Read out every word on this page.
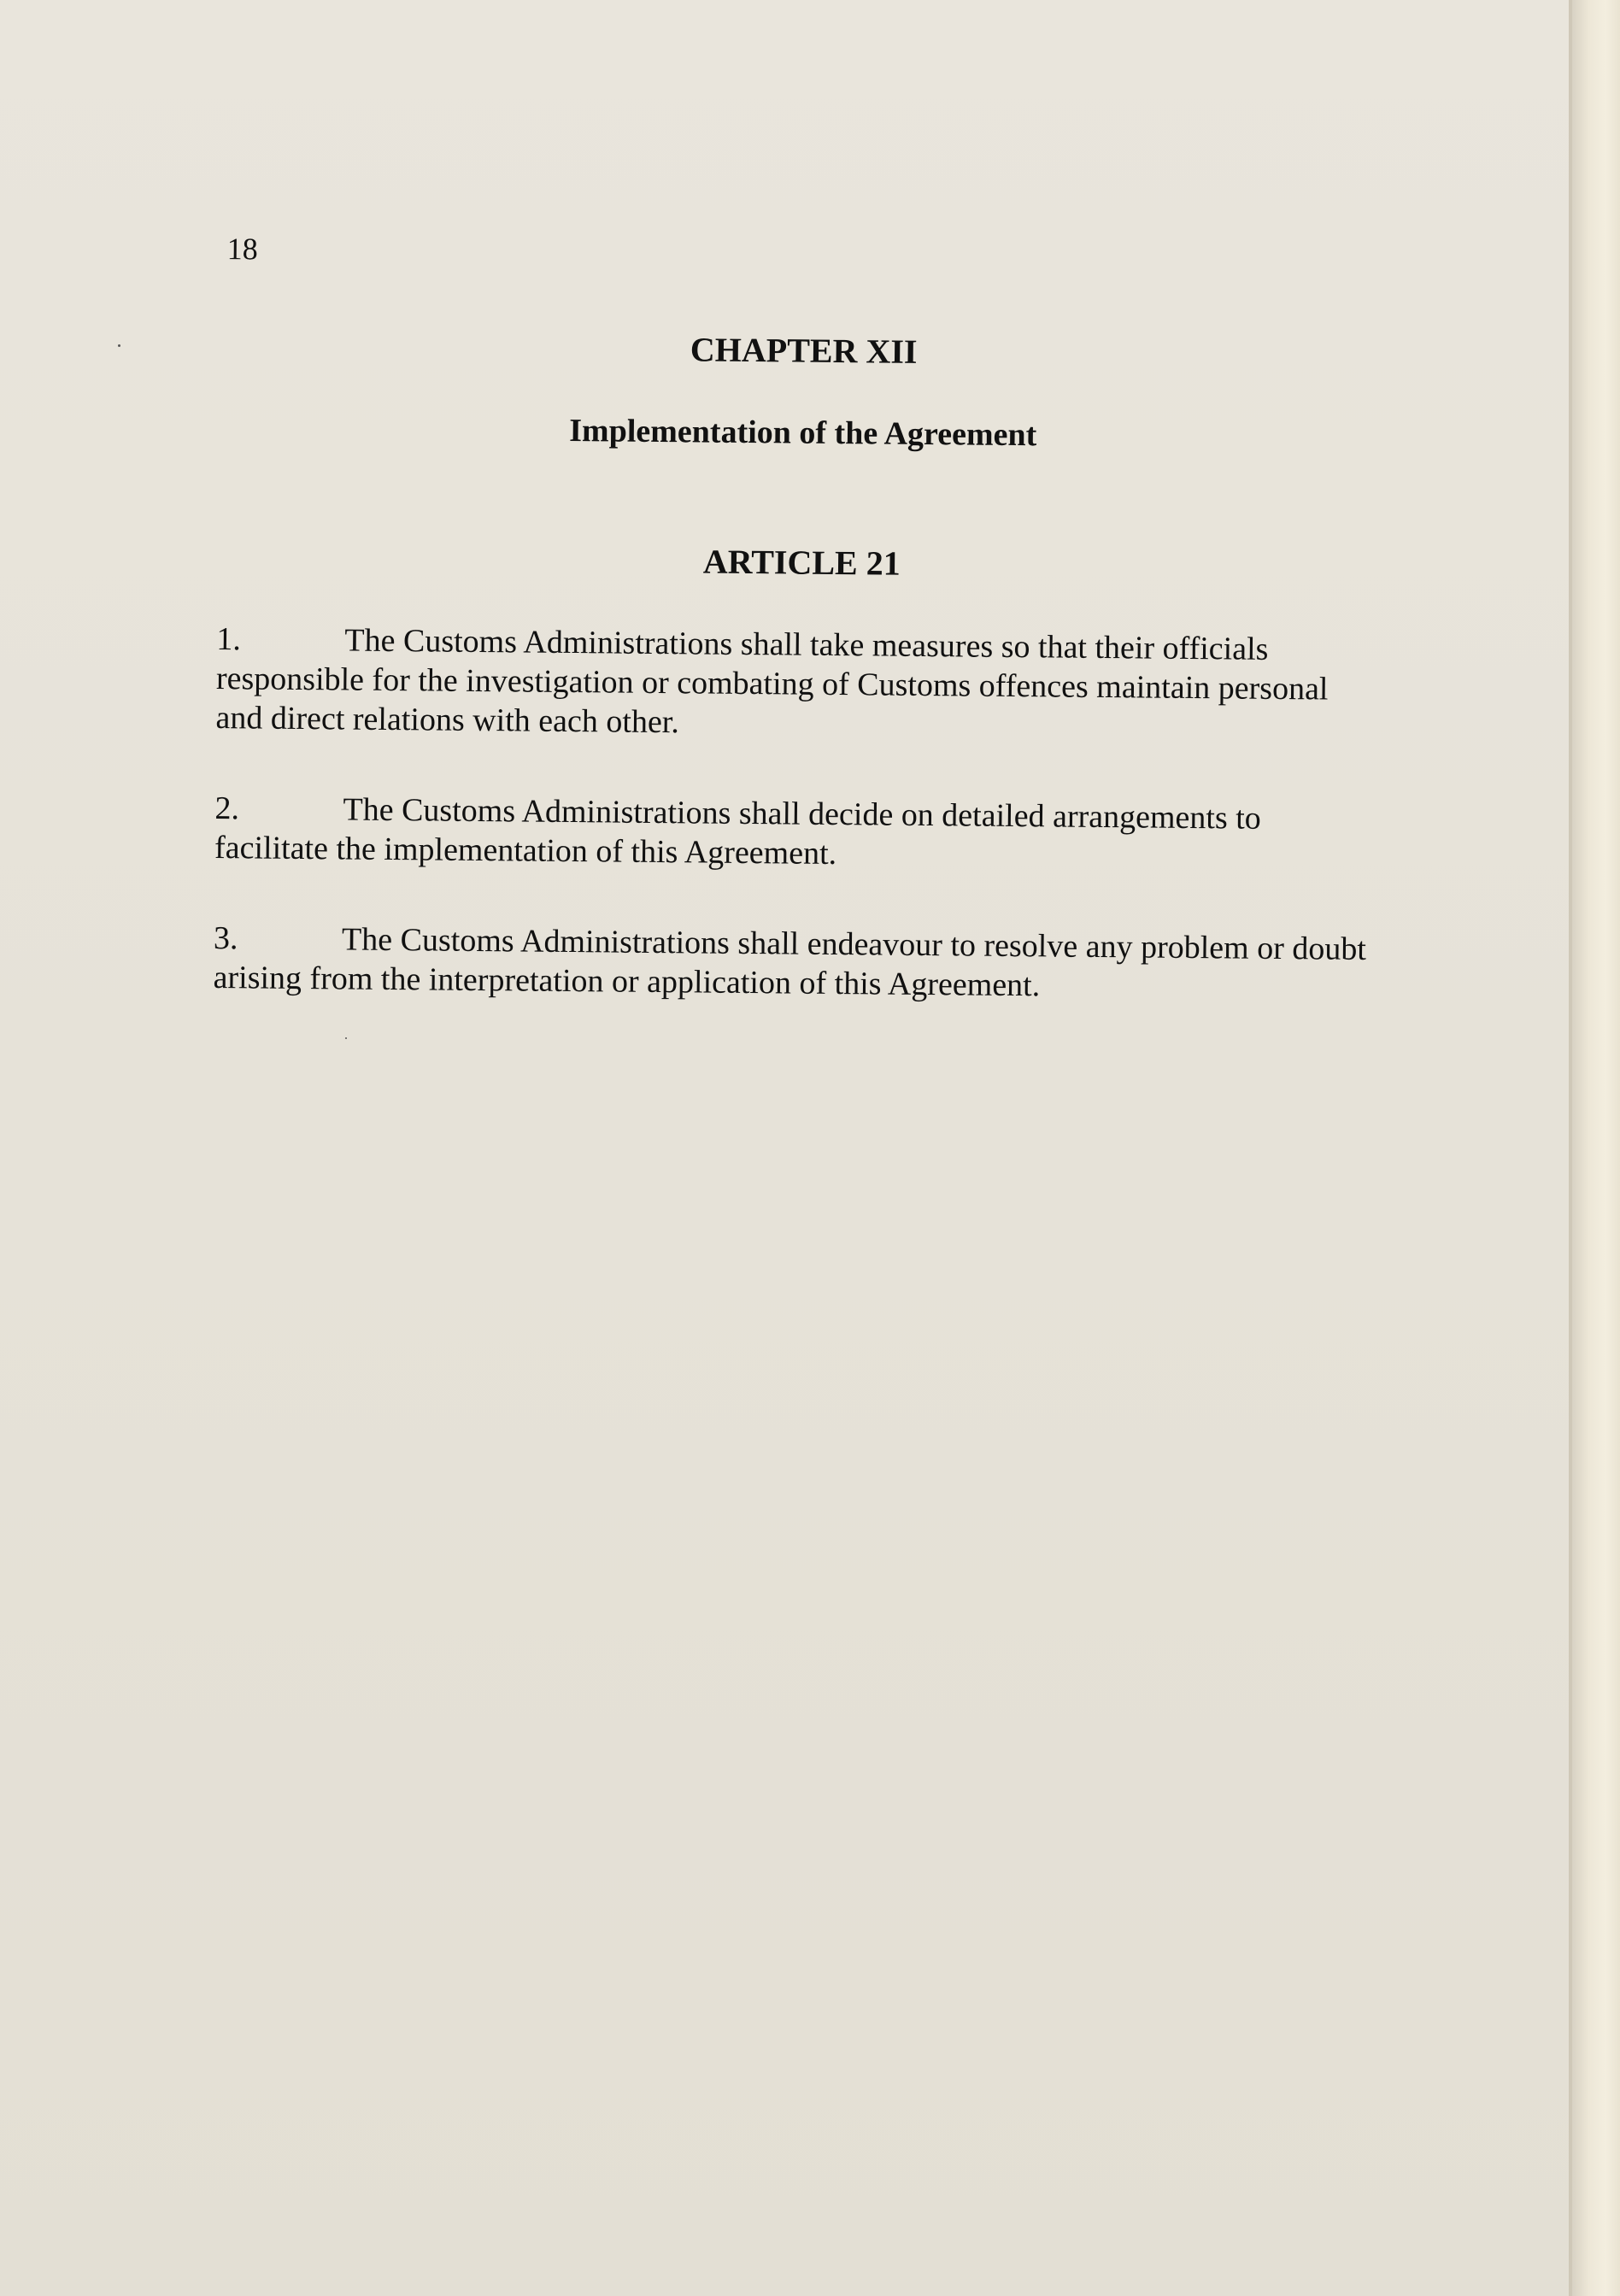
18
CHAPTER XII
Implementation of the Agreement
ARTICLE 21
1.	The Customs Administrations shall take measures so that their officials responsible for the investigation or combating of Customs offences maintain personal and direct relations with each other.
2.	The Customs Administrations shall decide on detailed arrangements to facilitate the implementation of this Agreement.
3.	The Customs Administrations shall endeavour to resolve any problem or doubt arising from the interpretation or application of this Agreement.
